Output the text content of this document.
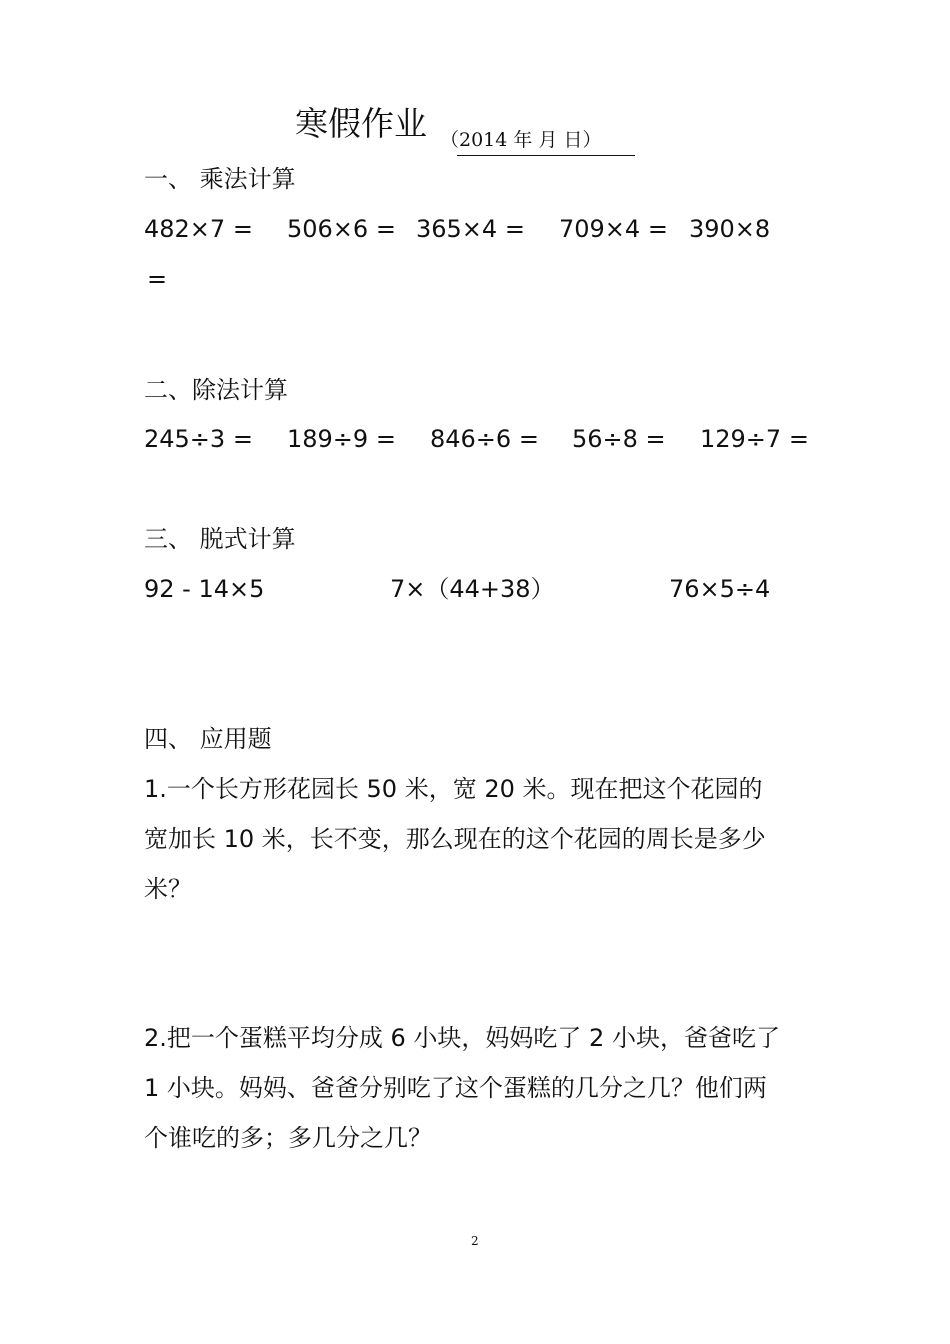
寒假作业 （2014 年 月 日）
一、 乘法计算
482×7 = 506×6 = 365×4 = 709×4 = 390×8
=
二、除法计算
245÷3 = 189÷9 = 846÷6 = 56÷8 = 129÷7 =
三、 脱式计算
92 - 14×5	7×（44+38）	76×5÷4
四、 应用题
1.一个长方形花园长 50 米，宽 20 米。现在把这个花园的
宽加长 10 米，长不变，那么现在的这个花园的周长是多少
米？
2.把一个蛋糕平均分成 6 小块，妈妈吃了 2 小块，爸爸吃了
1 小块。妈妈、爸爸分别吃了这个蛋糕的几分之几？他们两
个谁吃的多；多几分之几？
2
